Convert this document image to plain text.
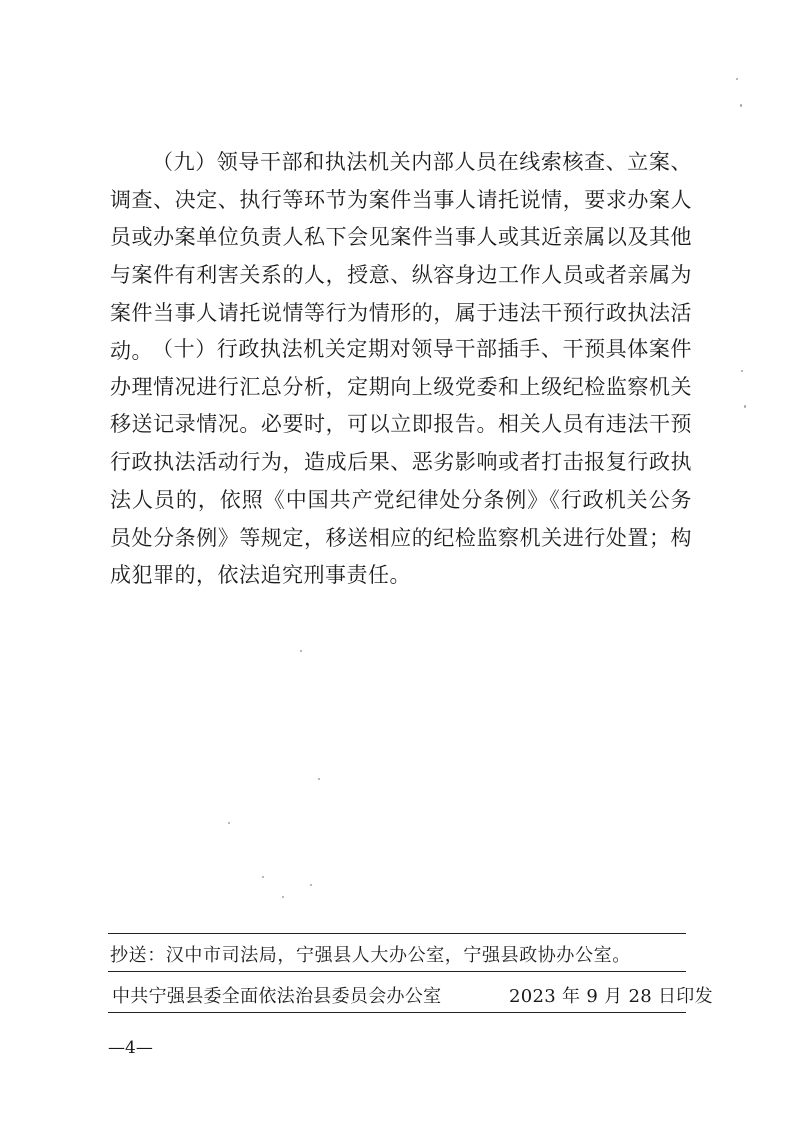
（九）领导干部和执法机关内部人员在线索核查、立案、调查、决定、执行等环节为案件当事人请托说情，要求办案人员或办案单位负责人私下会见案件当事人或其近亲属以及其他与案件有利害关系的人，授意、纵容身边工作人员或者亲属为案件当事人请托说情等行为情形的，属于违法干预行政执法活动。 （十）行政执法机关定期对领导干部插手、干预具体案件办理情况进行汇总分析，定期向上级党委和上级纪检监察机关移送记录情况。必要时，可以立即报告。相关人员有违法干预行政执法活动行为，造成后果、恶劣影响或者打击报复行政执法人员的，依照《中国共产党纪律处分条例》《行政机关公务员处分条例》等规定，移送相应的纪检监察机关进行处置；构成犯罪的，依法追究刑事责任。

抄送：汉中市司法局，宁强县人大办公室，宁强县政协办公室。
中共宁强县委全面依法治县委员会办公室	2023 年 9 月 28 日印发
—4—
